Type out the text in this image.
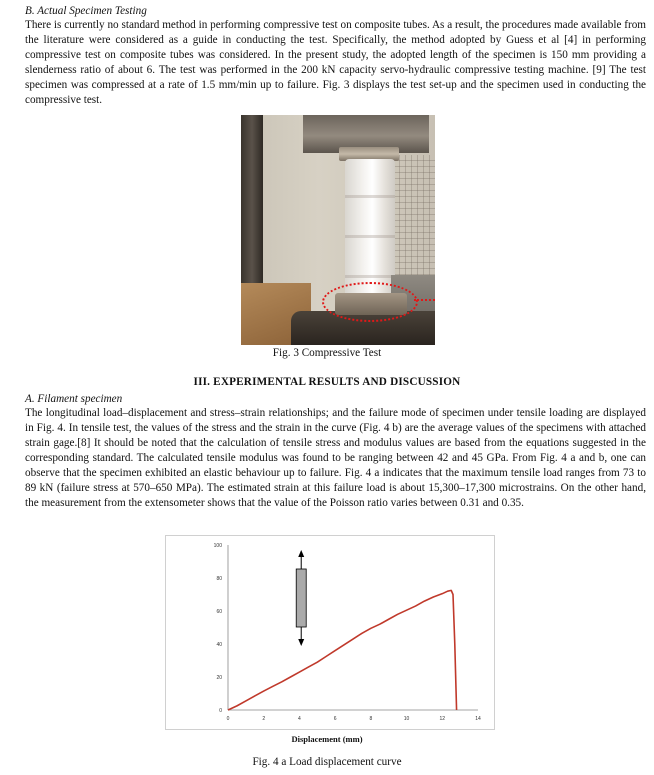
B. Actual Specimen Testing

There is currently no standard method in performing compressive test on composite tubes. As a result, the procedures made available from the literature were considered as a guide in conducting the test. Specifically, the method adopted by Guess et al [4] in performing compressive test on composite tubes was considered. In the present study, the adopted length of the specimen is 150 mm providing a slenderness ratio of about 6. The test was performed in the 200 kN capacity servo-hydraulic compressive testing machine. [9] The test specimen was compressed at a rate of 1.5 mm/min up to failure. Fig. 3 displays the test set-up and the specimen used in conducting the compressive test.

Fig. 3 Compressive Test
III. EXPERIMENTAL RESULTS AND DISCUSSION
A. Filament specimen

The longitudinal load–displacement and stress–strain relationships; and the failure mode of specimen under tensile loading are displayed in Fig. 4. In tensile test, the values of the stress and the strain in the curve (Fig. 4 b) are the average values of the specimens with attached strain gage.[8] It should be noted that the calculation of tensile stress and modulus values are based from the equations suggested in the corresponding standard. The calculated tensile modulus was found to be ranging between 42 and 45 GPa. From Fig. 4 a and b, one can observe that the specimen exhibited an elastic behaviour up to failure. Fig. 4 a indicates that the maximum tensile load ranges from 73 to 89 kN (failure stress at 570–650 MPa). The estimated strain at this failure load is about 15,300–17,300 microstrains. On the other hand, the measurement from the extensometer shows that the value of the Poisson ratio varies between 0.31 and 0.35.

0
20
40
60
80
100
0	2	4	6	8	10	12	14
Displacement (mm)
Fig. 4 a Load displacement curve
